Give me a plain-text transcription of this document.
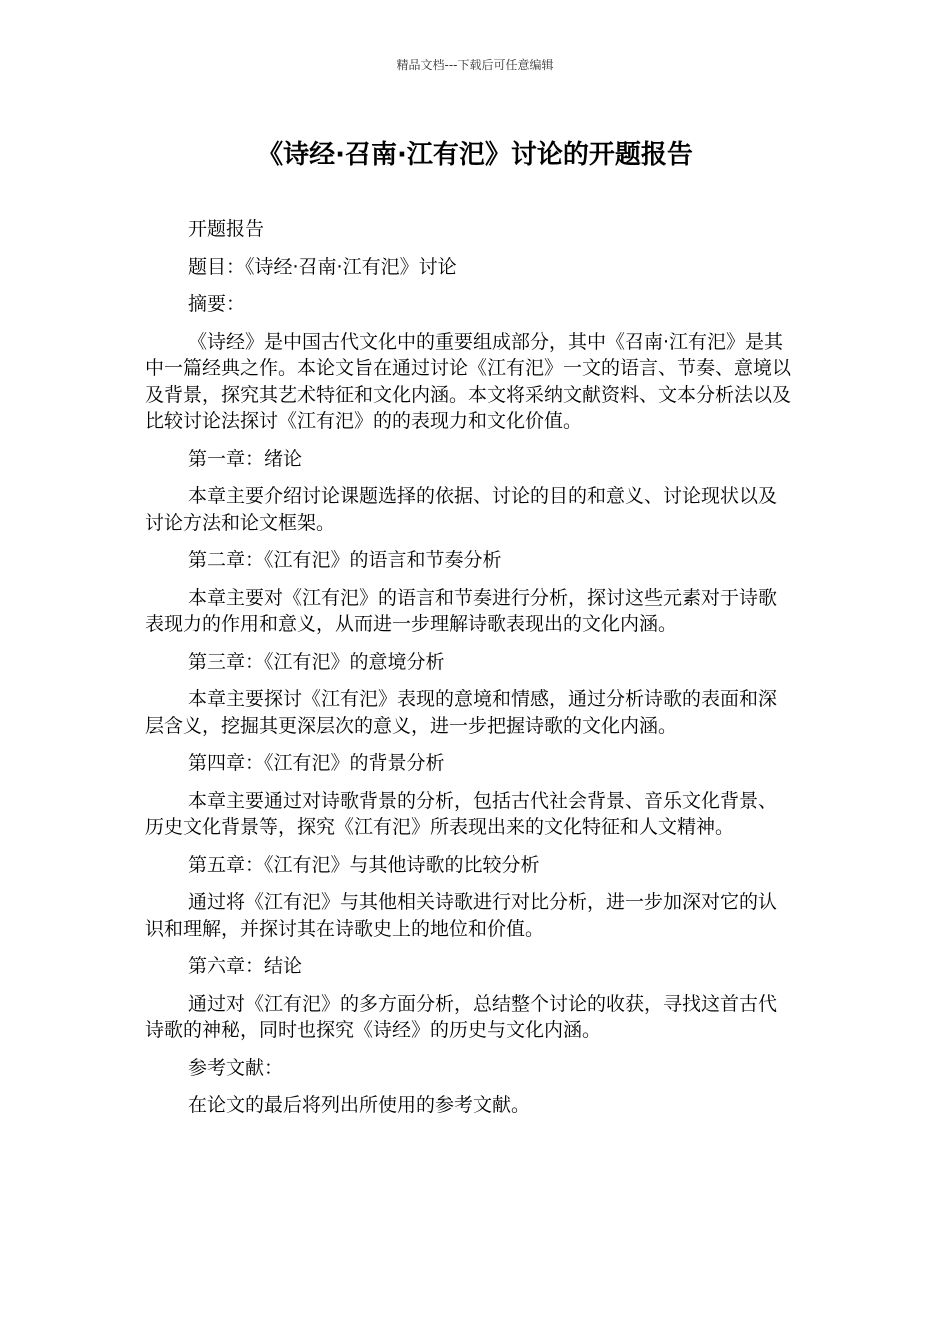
精品文档---下载后可任意编辑
《诗经·召南·江有汜》讨论的开题报告

开题报告

题目：《诗经·召南·江有汜》讨论

摘要：

《诗经》是中国古代文化中的重要组成部分，其中《召南·江有汜》是其中一篇经典之作。本论文旨在通过讨论《江有汜》一文的语言、节奏、意境以及背景，探究其艺术特征和文化内涵。本文将采纳文献资料、文本分析法以及比较讨论法探讨《江有汜》的的表现力和文化价值。

第一章：绪论

本章主要介绍讨论课题选择的依据、讨论的目的和意义、讨论现状以及讨论方法和论文框架。

第二章：《江有汜》的语言和节奏分析

本章主要对《江有汜》的语言和节奏进行分析，探讨这些元素对于诗歌表现力的作用和意义，从而进一步理解诗歌表现出的文化内涵。

第三章：《江有汜》的意境分析

本章主要探讨《江有汜》表现的意境和情感，通过分析诗歌的表面和深层含义，挖掘其更深层次的意义，进一步把握诗歌的文化内涵。

第四章：《江有汜》的背景分析

本章主要通过对诗歌背景的分析，包括古代社会背景、音乐文化背景、历史文化背景等，探究《江有汜》所表现出来的文化特征和人文精神。

第五章：《江有汜》与其他诗歌的比较分析

通过将《江有汜》与其他相关诗歌进行对比分析，进一步加深对它的认识和理解，并探讨其在诗歌史上的地位和价值。

第六章：结论

通过对《江有汜》的多方面分析，总结整个讨论的收获，寻找这首古代诗歌的神秘，同时也探究《诗经》的历史与文化内涵。

参考文献：

在论文的最后将列出所使用的参考文献。
